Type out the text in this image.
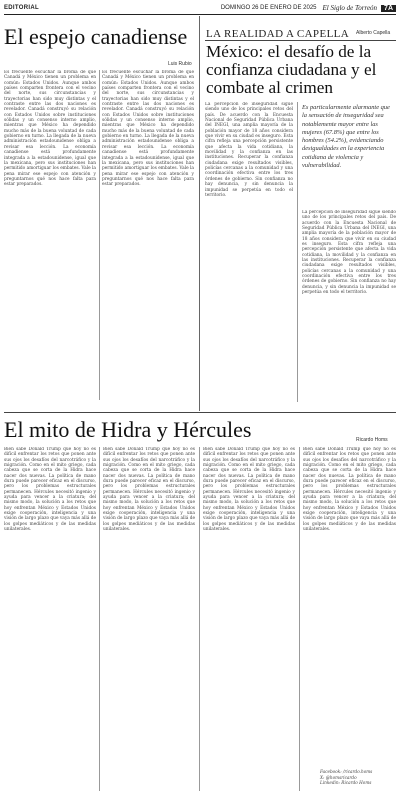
EDITORIAL	DOMINGO 26 DE ENERO DE 2025 El Siglo de Torreón	7A
El espejo canadiense
Luis Rubio

Es frecuente escuchar la broma de que Canadá y México tienen un problema en común: Estados Unidos. Aunque ambos países comparten frontera con el vecino del norte, sus circunstancias y trayectorias han sido muy distintas y el contraste entre las dos naciones es revelador. Canadá construyó su relación con Estados Unidos sobre instituciones sólidas y un consenso interno amplio, mientras que México ha dependido mucho más de la buena voluntad de cada gobierno en turno. La llegada de la nueva administración estadounidense obliga a revisar esa lección. La economía canadiense está profundamente integrada a la estadounidense, igual que la mexicana, pero sus instituciones han permitido amortiguar los embates. Vale la pena mirar ese espejo con atención y preguntarnos qué nos hace falta para estar preparados.

Es frecuente escuchar la broma de que Canadá y México tienen un problema en común: Estados Unidos. Aunque ambos países comparten frontera con el vecino del norte, sus circunstancias y trayectorias han sido muy distintas y el contraste entre las dos naciones es revelador. Canadá construyó su relación con Estados Unidos sobre instituciones sólidas y un consenso interno amplio, mientras que México ha dependido mucho más de la buena voluntad de cada gobierno en turno. La llegada de la nueva administración estadounidense obliga a revisar esa lección. La economía canadiense está profundamente integrada a la estadounidense, igual que la mexicana, pero sus instituciones han permitido amortiguar los embates. Vale la pena mirar ese espejo con atención y preguntarnos qué nos hace falta para estar preparados.

LA REALIDAD A CAPELLA Alberto Capella
México: el desafío de la confianza ciudadana y el combate al crimen

La percepción de inseguridad sigue siendo uno de los principales retos del país. De acuerdo con la Encuesta Nacional de Seguridad Pública Urbana del INEGI, una amplia mayoría de la población mayor de 18 años considera que vivir en su ciudad es inseguro. Esta cifra refleja una percepción persistente que afecta la vida cotidiana, la movilidad y la confianza en las instituciones. Recuperar la confianza ciudadana exige resultados visibles, policías cercanas a la comunidad y una coordinación efectiva entre los tres órdenes de gobierno. Sin confianza no hay denuncia, y sin denuncia la impunidad se perpetúa en todo el territorio.

Es particularmente alarmante que la sensación de inseguridad sea notablemente mayor entre las mujeres (67.8%) que entre los hombres (54.2%), evidenciando desigualdades en la experiencia cotidiana de violencia y vulnerabilidad.

La percepción de inseguridad sigue siendo uno de los principales retos del país. De acuerdo con la Encuesta Nacional de Seguridad Pública Urbana del INEGI, una amplia mayoría de la población mayor de 18 años considera que vivir en su ciudad es inseguro. Esta cifra refleja una percepción persistente que afecta la vida cotidiana, la movilidad y la confianza en las instituciones. Recuperar la confianza ciudadana exige resultados visibles, policías cercanas a la comunidad y una coordinación efectiva entre los tres órdenes de gobierno. Sin confianza no hay denuncia, y sin denuncia la impunidad se perpetúa en todo el territorio.

El mito de Hidra y Hércules	Ricardo Homs

Bien sabe Donald Trump que hoy no es difícil enfrentar los retos que ponen ante sus ojos los desafíos del narcotráfico y la migración. Como en el mito griego, cada cabeza que se corta de la Hidra hace nacer dos nuevas. La política de mano dura puede parecer eficaz en el discurso, pero los problemas estructurales permanecen. Hércules necesitó ingenio y ayuda para vencer a la criatura; del mismo modo, la solución a los retos que hoy enfrentan México y Estados Unidos exige cooperación, inteligencia y una visión de largo plazo que vaya más allá de los golpes mediáticos y de las medidas unilaterales.

Bien sabe Donald Trump que hoy no es difícil enfrentar los retos que ponen ante sus ojos los desafíos del narcotráfico y la migración. Como en el mito griego, cada cabeza que se corta de la Hidra hace nacer dos nuevas. La política de mano dura puede parecer eficaz en el discurso, pero los problemas estructurales permanecen. Hércules necesitó ingenio y ayuda para vencer a la criatura; del mismo modo, la solución a los retos que hoy enfrentan México y Estados Unidos exige cooperación, inteligencia y una visión de largo plazo que vaya más allá de los golpes mediáticos y de las medidas unilaterales.

Bien sabe Donald Trump que hoy no es difícil enfrentar los retos que ponen ante sus ojos los desafíos del narcotráfico y la migración. Como en el mito griego, cada cabeza que se corta de la Hidra hace nacer dos nuevas. La política de mano dura puede parecer eficaz en el discurso, pero los problemas estructurales permanecen. Hércules necesitó ingenio y ayuda para vencer a la criatura; del mismo modo, la solución a los retos que hoy enfrentan México y Estados Unidos exige cooperación, inteligencia y una visión de largo plazo que vaya más allá de los golpes mediáticos y de las medidas unilaterales.

Bien sabe Donald Trump que hoy no es difícil enfrentar los retos que ponen ante sus ojos los desafíos del narcotráfico y la migración. Como en el mito griego, cada cabeza que se corta de la Hidra hace nacer dos nuevas. La política de mano dura puede parecer eficaz en el discurso, pero los problemas estructurales permanecen. Hércules necesitó ingenio y ayuda para vencer a la criatura; del mismo modo, la solución a los retos que hoy enfrentan México y Estados Unidos exige cooperación, inteligencia y una visión de largo plazo que vaya más allá de los golpes mediáticos y de las medidas unilaterales.

Facebook: /ricardo.homs
X: @homsricardo
Linkedin: Ricardo Homs
